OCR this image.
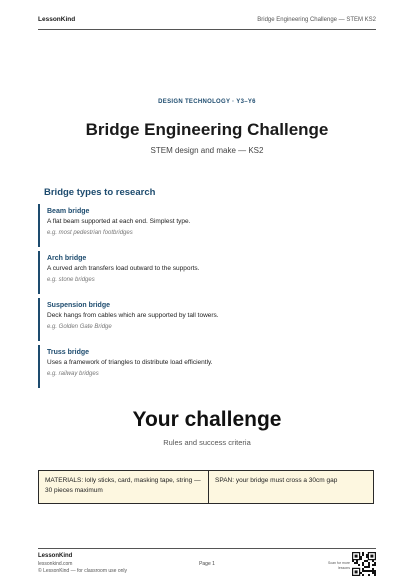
LessonKind	Bridge Engineering Challenge — STEM KS2
DESIGN TECHNOLOGY · Y3–Y6
Bridge Engineering Challenge
STEM design and make — KS2
Bridge types to research
Beam bridge
A flat beam supported at each end. Simplest type.
e.g. most pedestrian footbridges
Arch bridge
A curved arch transfers load outward to the supports.
e.g. stone bridges
Suspension bridge
Deck hangs from cables which are supported by tall towers.
e.g. Golden Gate Bridge
Truss bridge
Uses a framework of triangles to distribute load efficiently.
e.g. railway bridges
Your challenge
Rules and success criteria
MATERIALS: lolly sticks, card, masking tape, string — 30 pieces maximum
SPAN: your bridge must cross a 30cm gap
LessonKind
lessonkind.com
© LessonKind — for classroom use only
Page 1	Scan for more lessons
